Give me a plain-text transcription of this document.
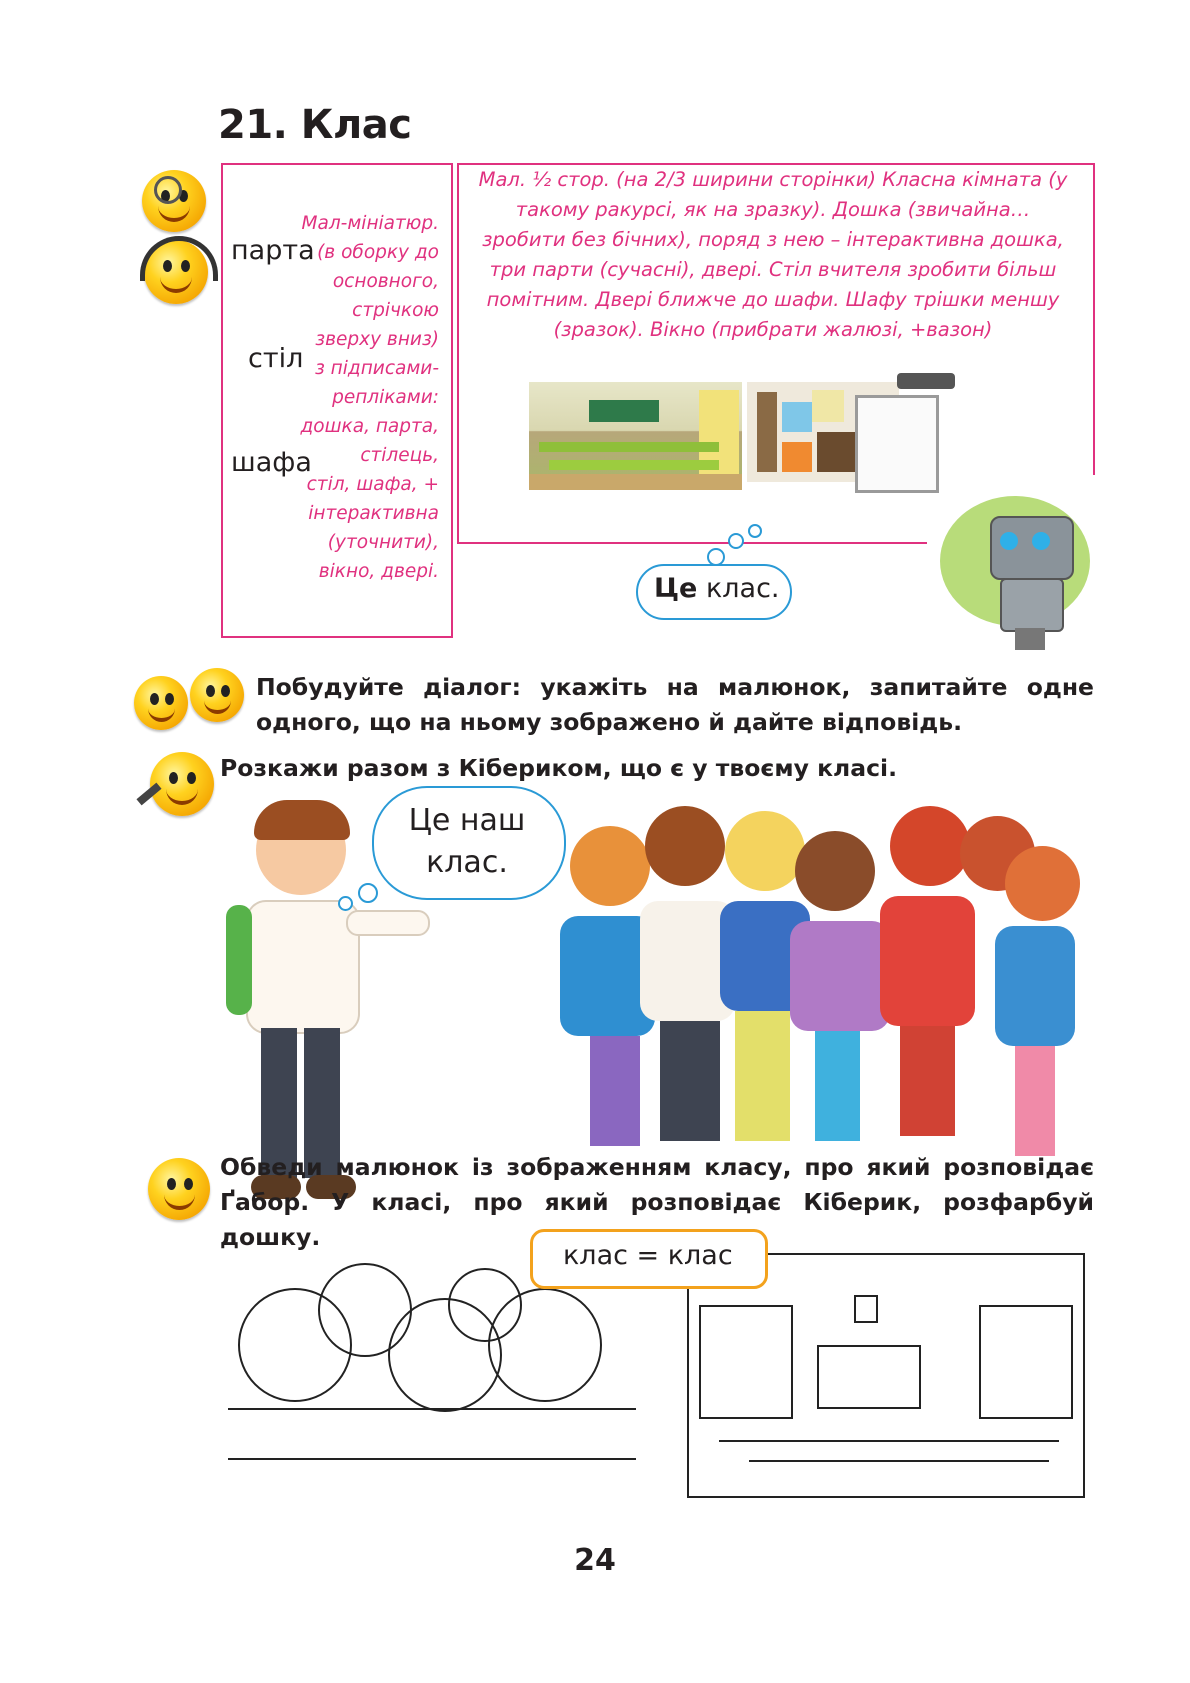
21. Клас
Мал-мініатюр.
(в оборку до
основного,
стрічкою
зверху вниз)
з підписами-
репліками:
дошка, парта,
стілець,
стіл, шафа, +
інтерактивна
(уточнити),
вікно, двері.
парта
стіл
шафа
Мал. ½ стор. (на 2/3 ширини сторінки) Класна кімната (у такому ракурсі, як на зразку). Дошка (звичайна… зробити без бічних), поряд з нею – інтерактивна дошка, три парти (сучасні), двері. Стіл вчителя зробити більш помітним. Двері ближче до шафи. Шафу трішки меншу (зразок). Вікно (прибрати жалюзі, +вазон)
Це клас.
Побудуйте діалог: укажіть на малюнок, запитайте одне одного, що на ньому зображено й дайте відповідь.
Розкажи разом з Кібериком, що є у твоєму класі.
Це наш
клас.
Обведи малюнок із зображенням класу, про який розповідає Ґабор. У класі, про який розповідає Кіберик, розфарбуй дошку.
клас = клас
24
